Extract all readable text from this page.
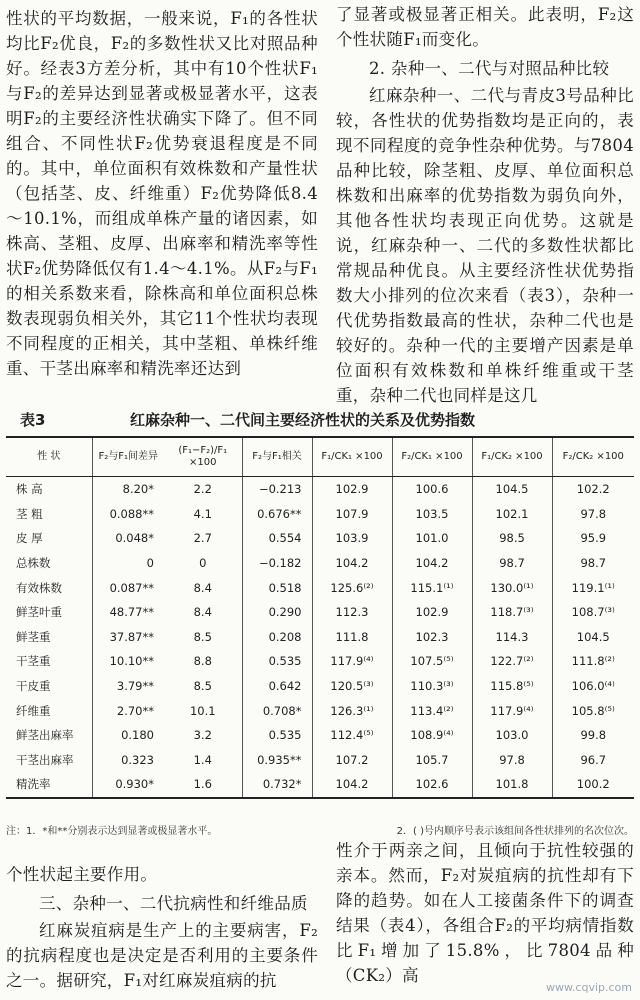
性状的平均数据，一般来说，F₁的各性状均比F₂优良，F₂的多数性状又比对照品种好。经表3方差分析，其中有10个性状F₁与F₂的差异达到显著或极显著水平，这表明F₂的主要经济性状确实下降了。但不同组合、不同性状F₂优势衰退程度是不同的。其中，单位面积有效株数和产量性状（包括茎、皮、纤维重）F₂优势降低8.4～10.1%，而组成单株产量的诸因素，如株高、茎粗、皮厚、出麻率和精洗率等性状F₂优势降低仅有1.4～4.1%。从F₂与F₁的相关系数来看，除株高和单位面积总株数表现弱负相关外，其它11个性状均表现不同程度的正相关，其中茎粗、单株纤维重、干茎出麻率和精洗率还达到

了显著或极显著正相关。此表明，F₂这个性状随F₁而变化。

2. 杂种一、二代与对照品种比较

红麻杂种一、二代与青皮3号品种比较，各性状的优势指数均是正向的，表现不同程度的竞争性杂种优势。与7804品种比较，除茎粗、皮厚、单位面积总株数和出麻率的优势指数为弱负向外，其他各性状均表现正向优势。这就是说，红麻杂种一、二代的多数性状都比常规品种优良。从主要经济性状优势指数大小排列的位次来看（表3），杂种一代优势指数最高的性状，杂种二代也是较好的。杂种一代的主要增产因素是单位面积有效株数和单株纤维重或干茎重，杂种二代也同样是这几

表3	红麻杂种一、二代间主要经济性状的关系及优势指数
性 状	F₂与F₁间差异	(F₁−F₂)/F₁ ×100	F₂与F₁相关	F₁/CK₁ ×100	F₂/CK₁ ×100	F₁/CK₂ ×100	F₂/CK₂ ×100
株 高	8.20*	2.2	−0.213	102.9	100.6	104.5	102.2
茎 粗	0.088**	4.1	0.676**	107.9	103.5	102.1	97.8
皮 厚	0.048*	2.7	0.554	103.9	101.0	98.5	95.9
总株数	0	0	−0.182	104.2	104.2	98.7	98.7
有效株数	0.087**	8.4	0.518	125.6⁽²⁾	115.1⁽¹⁾	130.0⁽¹⁾	119.1⁽¹⁾
鲜茎叶重	48.77**	8.4	0.290	112.3	102.9	118.7⁽³⁾	108.7⁽³⁾
鲜茎重	37.87**	8.5	0.208	111.8	102.3	114.3	104.5
干茎重	10.10**	8.8	0.535	117.9⁽⁴⁾	107.5⁽⁵⁾	122.7⁽²⁾	111.8⁽²⁾
干皮重	3.79**	8.5	0.642	120.5⁽³⁾	110.3⁽³⁾	115.8⁽⁵⁾	106.0⁽⁴⁾
纤维重	2.70**	10.1	0.708*	126.3⁽¹⁾	113.4⁽²⁾	117.9⁽⁴⁾	105.8⁽⁵⁾
鲜茎出麻率	0.180	3.2	0.535	112.4⁽⁵⁾	108.9⁽⁴⁾	103.0	99.8
干茎出麻率	0.323	1.4	0.935**	107.2	105.7	97.8	96.7
精洗率	0.930*	1.6	0.732*	104.2	102.6	101.8	100.2
注：1．*和**分别表示达到显著或极显著水平。	2．( )号内顺序号表示该组间各性状排列的名次位次。

个性状起主要作用。

三、杂种一、二代抗病性和纤维品质

红麻炭疽病是生产上的主要病害，F₂的抗病程度也是决定是否利用的主要条件之一。据研究，F₁对红麻炭疽病的抗

性介于两亲之间，且倾向于抗性较强的亲本。然而，F₂对炭疽病的抗性却有下降的趋势。如在人工接菌条件下的调查结果（表4），各组合F₂的平均病情指数比F₁增加了15.8%，比7804品种（CK₂）高

www.cqvip.com
